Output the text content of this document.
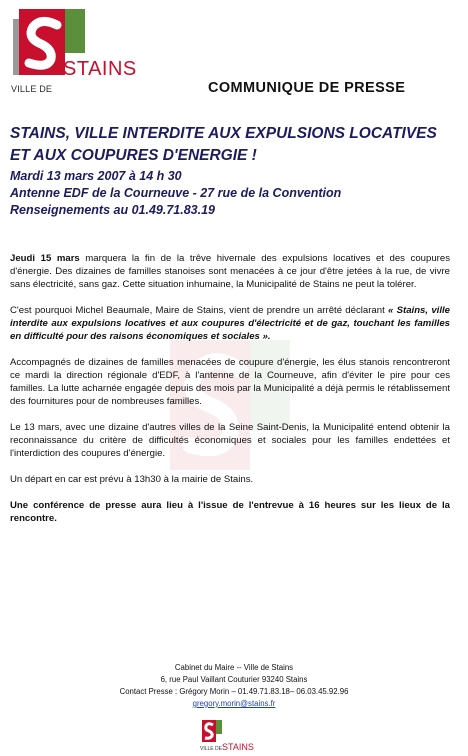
STAINS
VILLE DE	COMMUNIQUE DE PRESSE
STAINS, VILLE INTERDITE AUX EXPULSIONS LOCATIVES
ET AUX COUPURES D'ENERGIE !
Mardi 13 mars 2007 à 14 h 30
Antenne EDF de la Courneuve - 27 rue de la Convention
Renseignements au 01.49.71.83.19

Jeudi 15 mars marquera la fin de la trêve hivernale des expulsions locatives et des coupures d'énergie. Des dizaines de familles stanoises sont menacées à ce jour d'être jetées à la rue, de vivre sans électricité, sans gaz. Cette situation inhumaine, la Municipalité de Stains ne peut la tolérer.

C'est pourquoi Michel Beaumale, Maire de Stains, vient de prendre un arrêté déclarant « Stains, ville interdite aux expulsions locatives et aux coupures d'électricité et de gaz, touchant les familles en difficulté pour des raisons économiques et sociales ».

Accompagnés de dizaines de familles menacées de coupure d'énergie, les élus stanois rencontreront ce mardi la direction régionale d'EDF, à l'antenne de la Courneuve, afin d'éviter le pire pour ces familles. La lutte acharnée engagée depuis des mois par la Municipalité a déjà permis le rétablissement des fournitures pour de nombreuses familles.

Le 13 mars, avec une dizaine d'autres villes de la Seine Saint-Denis, la Municipalité entend obtenir la reconnaissance du critère de difficultés économiques et sociales pour les familles endettées et l'interdiction des coupures d'énergie.

Un départ en car est prévu à 13h30 à la mairie de Stains.

Une conférence de presse aura lieu à l'issue de l'entrevue à 16 heures sur les lieux de la rencontre.

Cabinet du Maire -- Ville de Stains
6, rue Paul Vaillant Couturier 93240 Stains
Contact Presse : Grégory Morin – 01.49.71.83.18– 06.03.45.92.96
gregory.morin@stains.fr
VILLE DE STAINS
